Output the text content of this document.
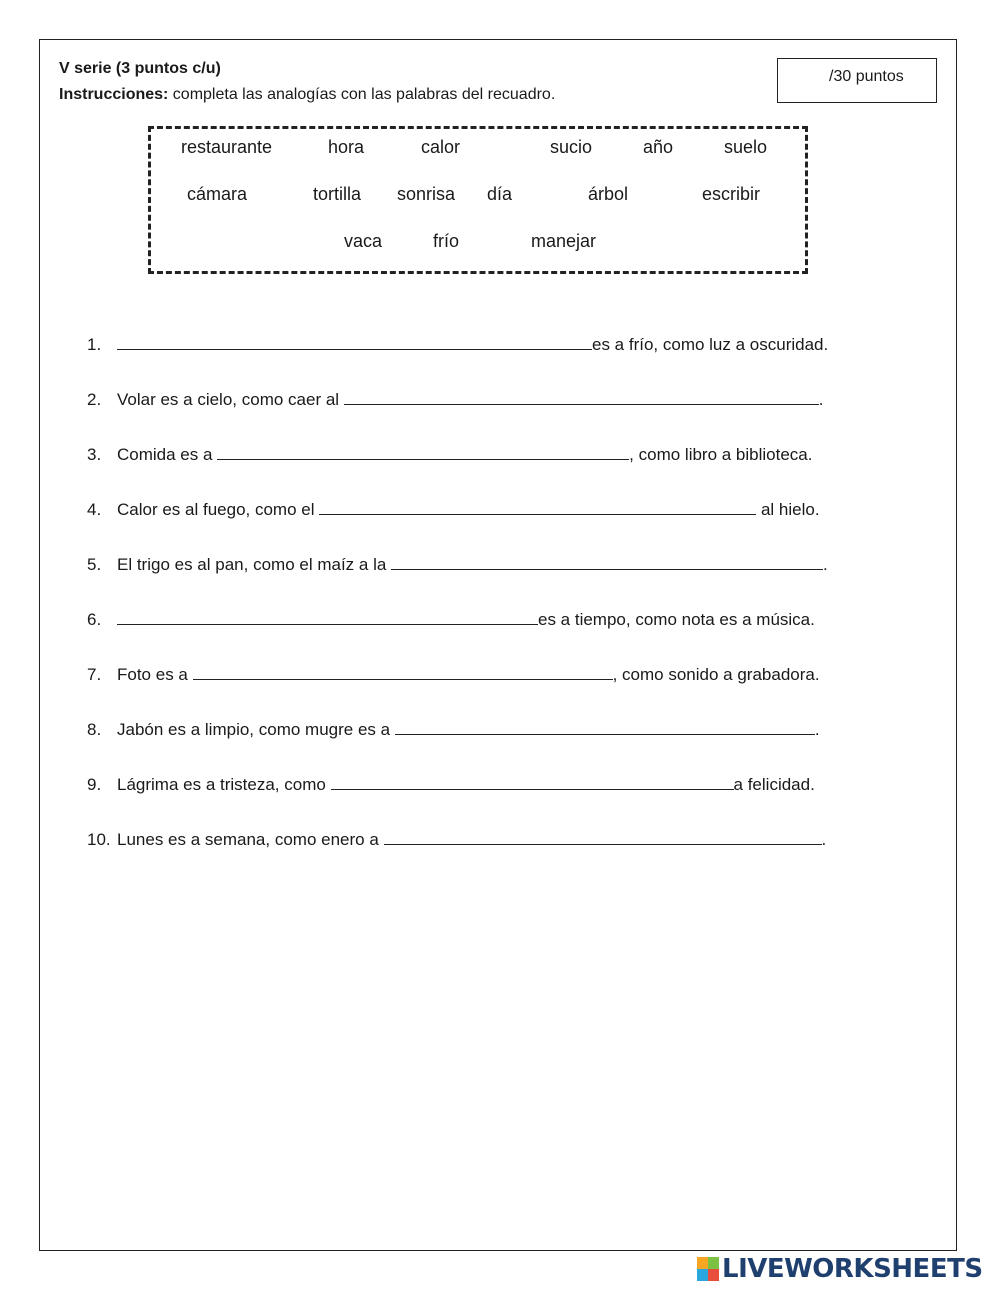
V serie (3 puntos c/u)
Instrucciones: completa las analogías con las palabras del recuadro.
/30 puntos
restaurante	hora	calor	sucio	año	suelo
cámara	tortilla sonrisa día	árbol	escribir
vaca	frío	manejar
1.	es a frío, como luz a oscuridad.
2. Volar es a cielo, como caer al	.
3. Comida es a	, como libro a biblioteca.
4. Calor es al fuego, como el	al hielo.
5. El trigo es al pan, como el maíz a la	.
6.	es a tiempo, como nota es a música.
7. Foto es a	, como sonido a grabadora.
8. Jabón es a limpio, como mugre es a	.
9. Lágrima es a tristeza, como	a felicidad.
10. Lunes es a semana, como enero a	.
LIVEWORKSHEETS
